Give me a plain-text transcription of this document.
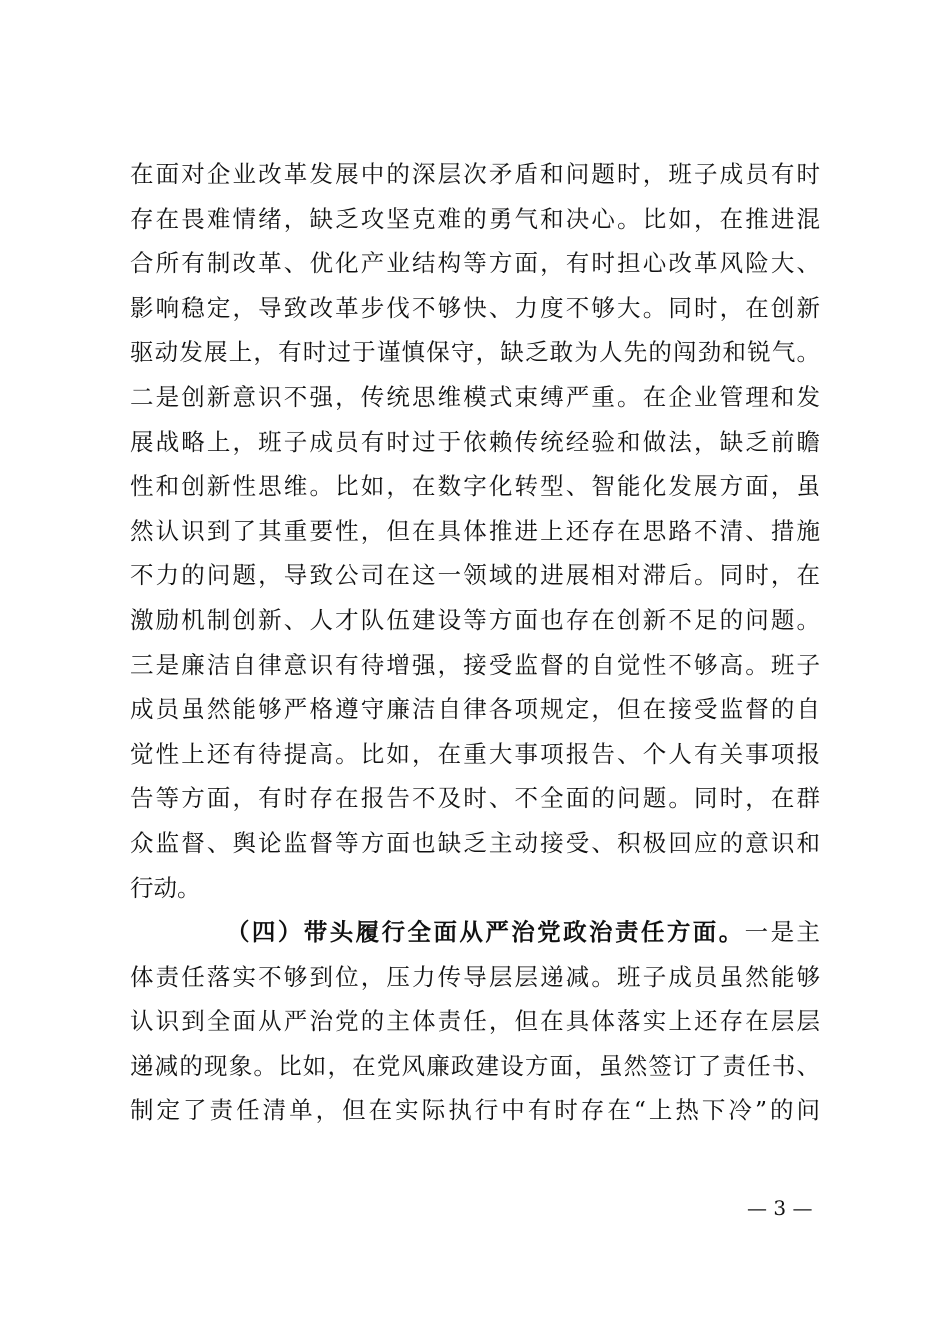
在面对企业改革发展中的深层次矛盾和问题时，班子成员有时
存在畏难情绪，缺乏攻坚克难的勇气和决心。比如，在推进混
合所有制改革、优化产业结构等方面，有时担心改革风险大、
影响稳定，导致改革步伐不够快、力度不够大。同时，在创新
驱动发展上，有时过于谨慎保守，缺乏敢为人先的闯劲和锐气。
二是创新意识不强，传统思维模式束缚严重。在企业管理和发
展战略上，班子成员有时过于依赖传统经验和做法，缺乏前瞻
性和创新性思维。比如，在数字化转型、智能化发展方面，虽
然认识到了其重要性，但在具体推进上还存在思路不清、措施
不力的问题，导致公司在这一领域的进展相对滞后。同时，在
激励机制创新、人才队伍建设等方面也存在创新不足的问题。
三是廉洁自律意识有待增强，接受监督的自觉性不够高。班子
成员虽然能够严格遵守廉洁自律各项规定，但在接受监督的自
觉性上还有待提高。比如，在重大事项报告、个人有关事项报
告等方面，有时存在报告不及时、不全面的问题。同时，在群
众监督、舆论监督等方面也缺乏主动接受、积极回应的意识和
行动。
（四）带头履行全面从严治党政治责任方面。一是主
体责任落实不够到位，压力传导层层递减。班子成员虽然能够
认识到全面从严治党的主体责任，但在具体落实上还存在层层
递减的现象。比如，在党风廉政建设方面，虽然签订了责任书、
制定了责任清单，但在实际执行中有时存在“上热下冷”的问
— 3 —
